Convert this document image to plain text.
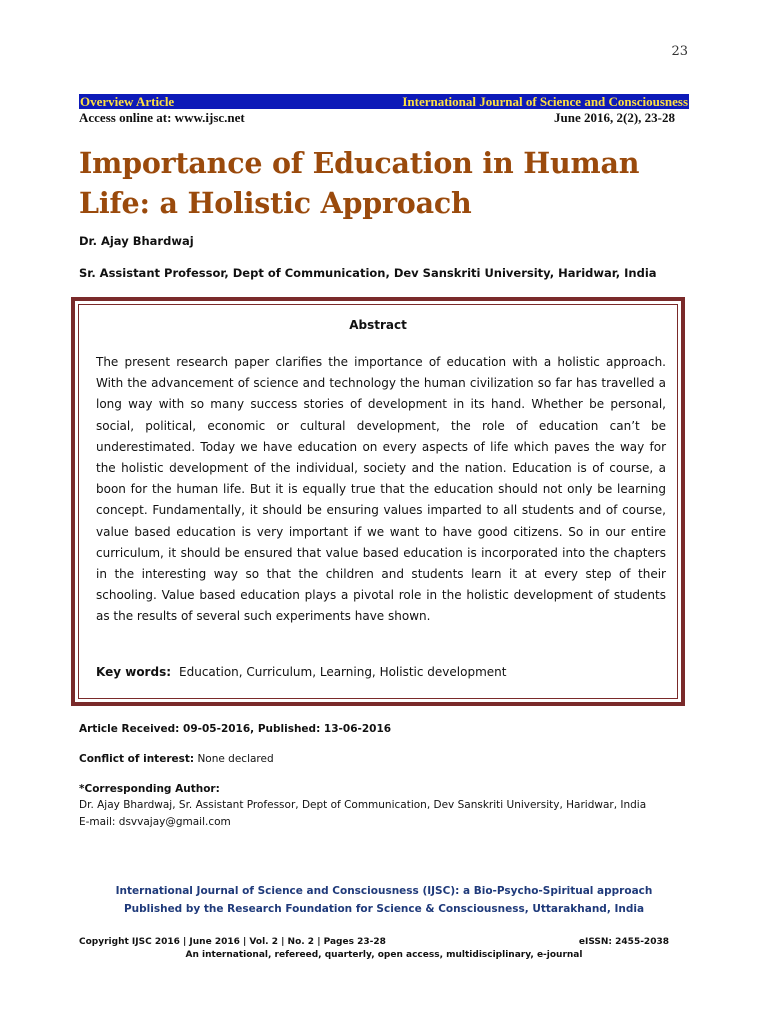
23
Overview Article	International Journal of Science and Consciousness
Access online at: www.ijsc.net	June 2016, 2(2), 23-28
Importance of Education in Human Life: a Holistic Approach
Dr. Ajay Bhardwaj
Sr. Assistant Professor, Dept of Communication, Dev Sanskriti University, Haridwar, India
Abstract

The present research paper clarifies the importance of education with a holistic approach. With the advancement of science and technology the human civilization so far has travelled a long way with so many success stories of development in its hand. Whether be personal, social, political, economic or cultural development, the role of education can’t be underestimated. Today we have education on every aspects of life which paves the way for the holistic development of the individual, society and the nation. Education is of course, a boon for the human life. But it is equally true that the education should not only be learning concept. Fundamentally, it should be ensuring values imparted to all students and of course, value based education is very important if we want to have good citizens. So in our entire curriculum, it should be ensured that value based education is incorporated into the chapters in the interesting way so that the children and students learn it at every step of their schooling. Value based education plays a pivotal role in the holistic development of students as the results of several such experiments have shown.

Key words: Education, Curriculum, Learning, Holistic development
Article Received: 09-05-2016, Published: 13-06-2016
Conflict of interest: None declared
*Corresponding Author:
Dr. Ajay Bhardwaj, Sr. Assistant Professor, Dept of Communication, Dev Sanskriti University, Haridwar, India
E-mail: dsvvajay@gmail.com
International Journal of Science and Consciousness (IJSC): a Bio-Psycho-Spiritual approach
Published by the Research Foundation for Science & Consciousness, Uttarakhand, India
Copyright IJSC 2016 | June 2016 | Vol. 2 | No. 2 | Pages 23-28	eISSN: 2455-2038
An international, refereed, quarterly, open access, multidisciplinary, e-journal
